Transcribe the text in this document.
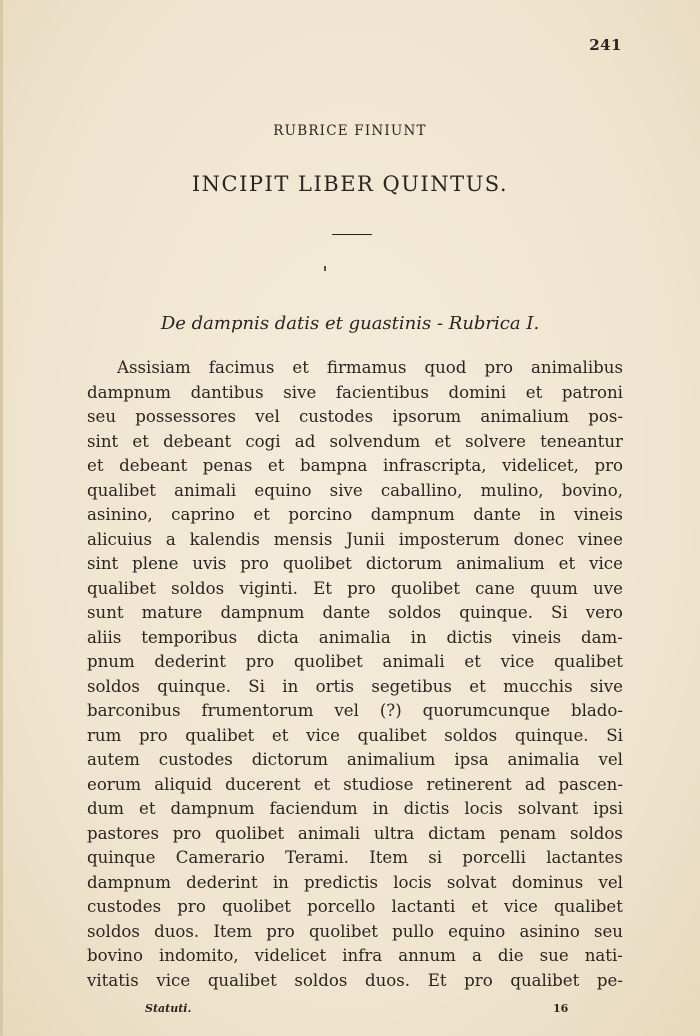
241
RUBRICE FINIUNT
INCIPIT LIBER QUINTUS.
De dampnis datis et guastinis - Rubrica I.
Assisiam facimus et firmamus quod pro animalibus
dampnum dantibus sive facientibus domini et patroni
seu possessores vel custodes ipsorum animalium pos-
sint et debeant cogi ad solvendum et solvere teneantur
et debeant penas et bampna infrascripta, videlicet, pro
qualibet animali equino sive caballino, mulino, bovino,
asinino, caprino et porcino dampnum dante in vineis
alicuius a kalendis mensis Junii imposterum donec vinee
sint plene uvis pro quolibet dictorum animalium et vice
qualibet soldos viginti. Et pro quolibet cane quum uve
sunt mature dampnum dante soldos quinque. Si vero
aliis temporibus dicta animalia in dictis vineis dam-
pnum dederint pro quolibet animali et vice qualibet
soldos quinque. Si in ortis segetibus et mucchis sive
barconibus frumentorum vel (?) quorumcunque blado-
rum pro qualibet et vice qualibet soldos quinque. Si
autem custodes dictorum animalium ipsa animalia vel
eorum aliquid ducerent et studiose retinerent ad pascen-
dum et dampnum faciendum in dictis locis solvant ipsi
pastores pro quolibet animali ultra dictam penam soldos
quinque Camerario Terami. Item si porcelli lactantes
dampnum dederint in predictis locis solvat dominus vel
custodes pro quolibet porcello lactanti et vice qualibet
soldos duos. Item pro quolibet pullo equino asinino seu
bovino indomito, videlicet infra annum a die sue nati-
vitatis vice qualibet soldos duos. Et pro qualibet pe-
Statuti.	16
